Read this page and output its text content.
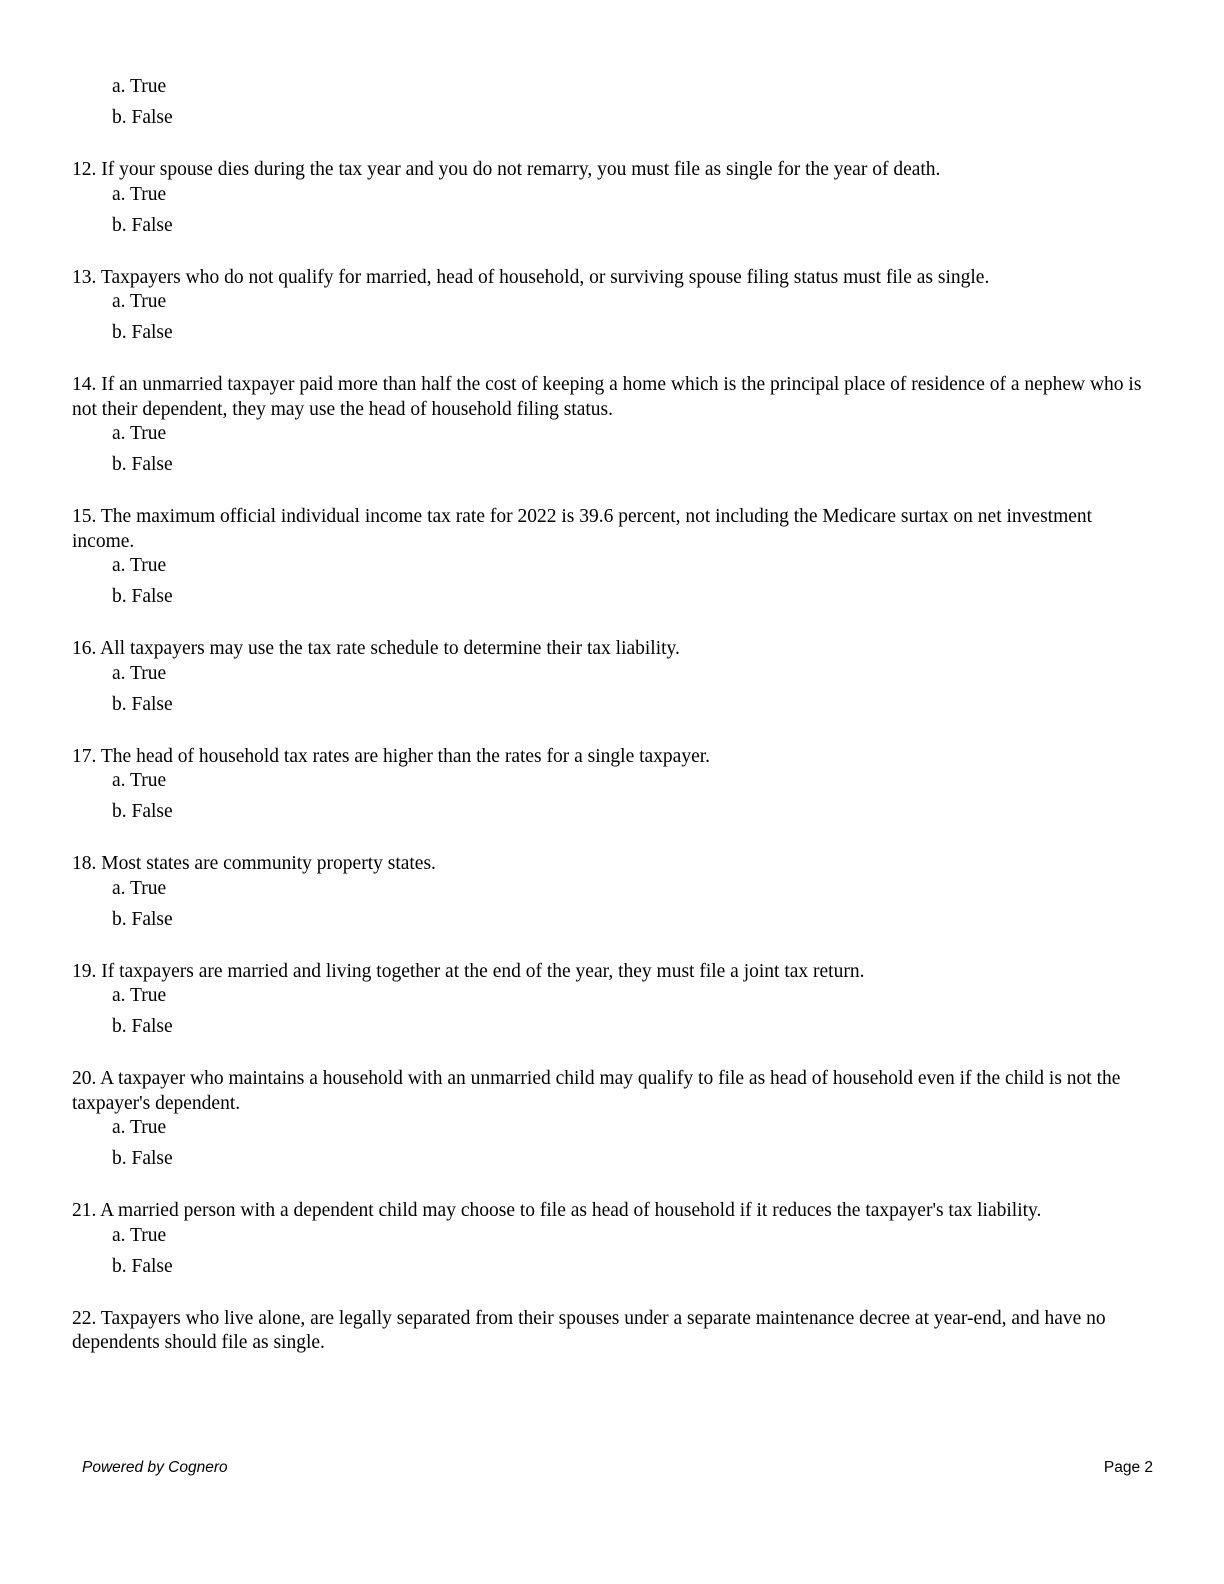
a. True

b. False

12. If your spouse dies during the tax year and you do not remarry, you must file as single for the year of death.

a. True

b. False

13. Taxpayers who do not qualify for married, head of household, or surviving spouse filing status must file as single.

a. True

b. False

14. If an unmarried taxpayer paid more than half the cost of keeping a home which is the principal place of residence of a nephew who is not their dependent, they may use the head of household filing status.

a. True

b. False

15. The maximum official individual income tax rate for 2022 is 39.6 percent, not including the Medicare surtax on net investment income.

a. True

b. False

16. All taxpayers may use the tax rate schedule to determine their tax liability.

a. True

b. False

17. The head of household tax rates are higher than the rates for a single taxpayer.

a. True

b. False

18. Most states are community property states.

a. True

b. False

19. If taxpayers are married and living together at the end of the year, they must file a joint tax return.

a. True

b. False

20. A taxpayer who maintains a household with an unmarried child may qualify to file as head of household even if the child is not the taxpayer's dependent.

a. True

b. False

21. A married person with a dependent child may choose to file as head of household if it reduces the taxpayer's tax liability.

a. True

b. False

22. Taxpayers who live alone, are legally separated from their spouses under a separate maintenance decree at year-end, and have no dependents should file as single.

Powered by Cognero	Page 2
